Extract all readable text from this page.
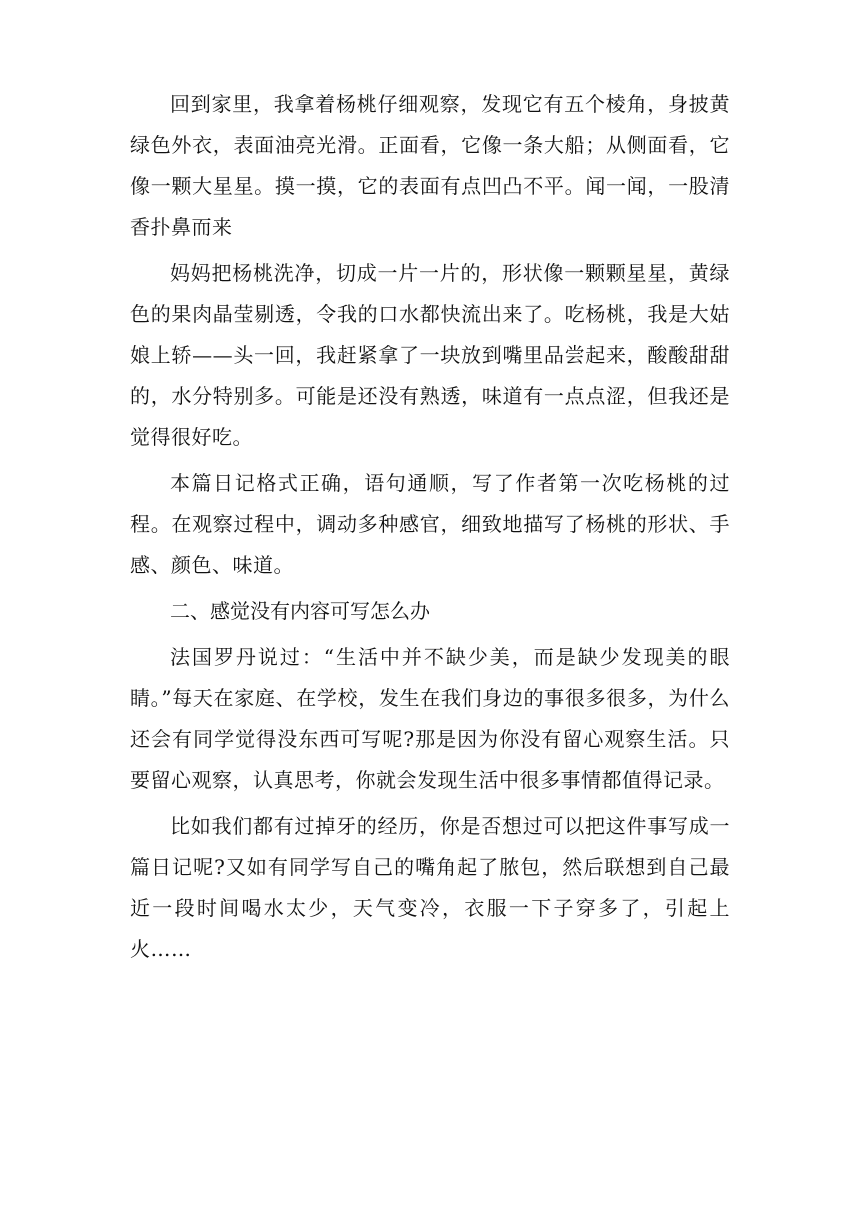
回到家里，我拿着杨桃仔细观察，发现它有五个棱角，身披黄绿色外衣，表面油亮光滑。正面看，它像一条大船；从侧面看，它像一颗大星星。摸一摸，它的表面有点凹凸不平。闻一闻，一股清香扑鼻而来

妈妈把杨桃洗净，切成一片一片的，形状像一颗颗星星，黄绿色的果肉晶莹剔透，令我的口水都快流出来了。吃杨桃，我是大姑娘上轿——头一回，我赶紧拿了一块放到嘴里品尝起来，酸酸甜甜的，水分特别多。可能是还没有熟透，味道有一点点涩，但我还是觉得很好吃。

本篇日记格式正确，语句通顺，写了作者第一次吃杨桃的过程。在观察过程中，调动多种感官，细致地描写了杨桃的形状、手感、颜色、味道。

二、感觉没有内容可写怎么办

法国罗丹说过：“生活中并不缺少美，而是缺少发现美的眼睛。”每天在家庭、在学校，发生在我们身边的事很多很多，为什么还会有同学觉得没东西可写呢?那是因为你没有留心观察生活。只要留心观察，认真思考，你就会发现生活中很多事情都值得记录。

比如我们都有过掉牙的经历，你是否想过可以把这件事写成一篇日记呢?又如有同学写自己的嘴角起了脓包，然后联想到自己最近一段时间喝水太少，天气变冷，衣服一下子穿多了，引起上火……
